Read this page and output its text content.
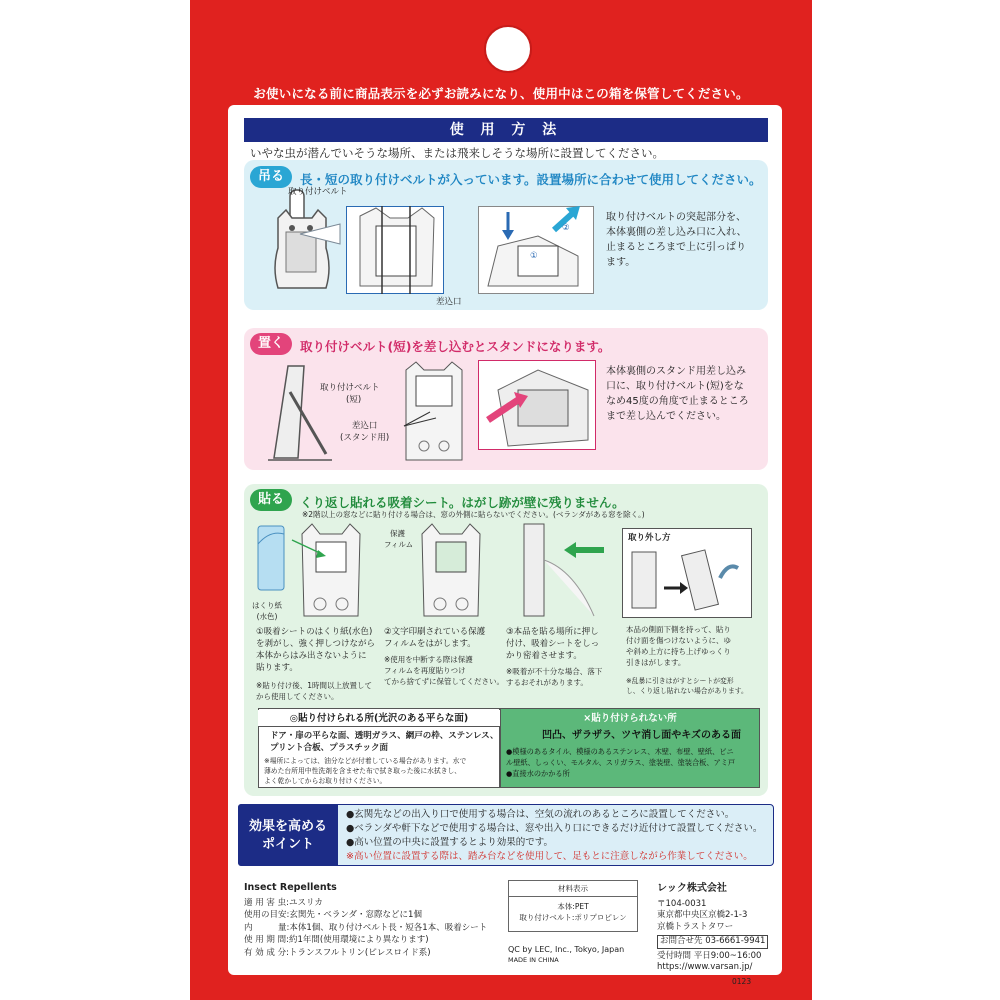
お使いになる前に商品表示を必ずお読みになり、使用中はこの箱を保管してください。
使 用 方 法
いやな虫が潜んでいそうな場所、または飛来しそうな場所に設置してください。
吊る	長・短の取り付けベルトが入っています。設置場所に合わせて使用してください。
取り付けベルト
差込口
①
②
取り付けベルトの突起部分を、
本体裏側の差し込み口に入れ、
止まるところまで上に引っぱり
ます。
置く	取り付けベルト(短)を差し込むとスタンドになります。
取り付けベルト
(短)
差込口
(スタンド用)
本体裏側のスタンド用差し込み
口に、取り付けベルト(短)をな
なめ45度の角度で止まるところ
まで差し込んでください。
貼る	くり返し貼れる吸着シート。はがし跡が壁に残りません。
※2階以上の窓などに貼り付ける場合は、窓の外側に貼らないでください。(ベランダがある窓を除く。)
はくり紙
(水色)
保護
フィルム
取り外し方
①吸着シートのはくり紙(水色)
を剥がし、強く押しつけながら
本体からはみ出さないように
貼ります。
※貼り付け後、1時間以上放置して
から使用してください。
②文字印刷されている保護
フィルムをはがします。
※使用を中断する際は保護
フィルムを再度貼りつけ
てから捨てずに保管してください。
③本品を貼る場所に押し
付け、吸着シートをしっ
かり密着させます。
※吸着が不十分な場合、落下
するおそれがあります。
本品の側面下側を持って、貼り
付け面を傷つけないように、ゆ
や斜め上方に持ち上げゆっくり
引きはがします。
※乱暴に引きはがすとシートが変形
し、くり返し貼れない場合があります。
◎貼り付けられる所(光沢のある平らな面)
ドア・扉の平らな面、透明ガラス、網戸の枠、ステンレス、
プリント合板、プラスチック面
※場所によっては、油分などが付着している場合があります。水で
薄めた台所用中性洗剤を含ませた布で拭き取った後に水拭きし、
よく乾かしてからお取り付けください。
×貼り付けられない所
凹凸、ザラザラ、ツヤ消し面やキズのある面
●模様のあるタイル、模様のあるステンレス、木壁、布壁、壁紙、ビニ
ル壁紙、しっくい、モルタル、スリガラス、塗装壁、塗装合板、アミ戸
●直接水のかかる所
効果を高める
ポイント
●玄関先などの出入り口で使用する場合は、空気の流れのあるところに設置してください。
●ベランダや軒下などで使用する場合は、窓や出入り口にできるだけ近付けて設置してください。
●高い位置の中央に設置するとより効果的です。
※高い位置に設置する際は、踏み台などを使用して、足もとに注意しながら作業してください。
Insect Repellents
適 用 害 虫:ユスリカ
使用の目安:玄関先・ベランダ・窓際などに1個
内　　　量:本体1個、取り付けベルト長・短各1本、吸着シート
使 用 期 間:約1年間(使用環境により異なります)
有 効 成 分:トランスフルトリン(ピレスロイド系)
材料表示
本体:PET
取り付けベルト:ポリプロピレン
QC by LEC, Inc., Tokyo, Japan
MADE IN CHINA
レック株式会社
〒104-0031
東京都中央区京橋2-1-3
京橋トラストタワー
お問合せ先 03-6661-9941
受付時間 平日9:00~16:00
https://www.varsan.jp/
0123
